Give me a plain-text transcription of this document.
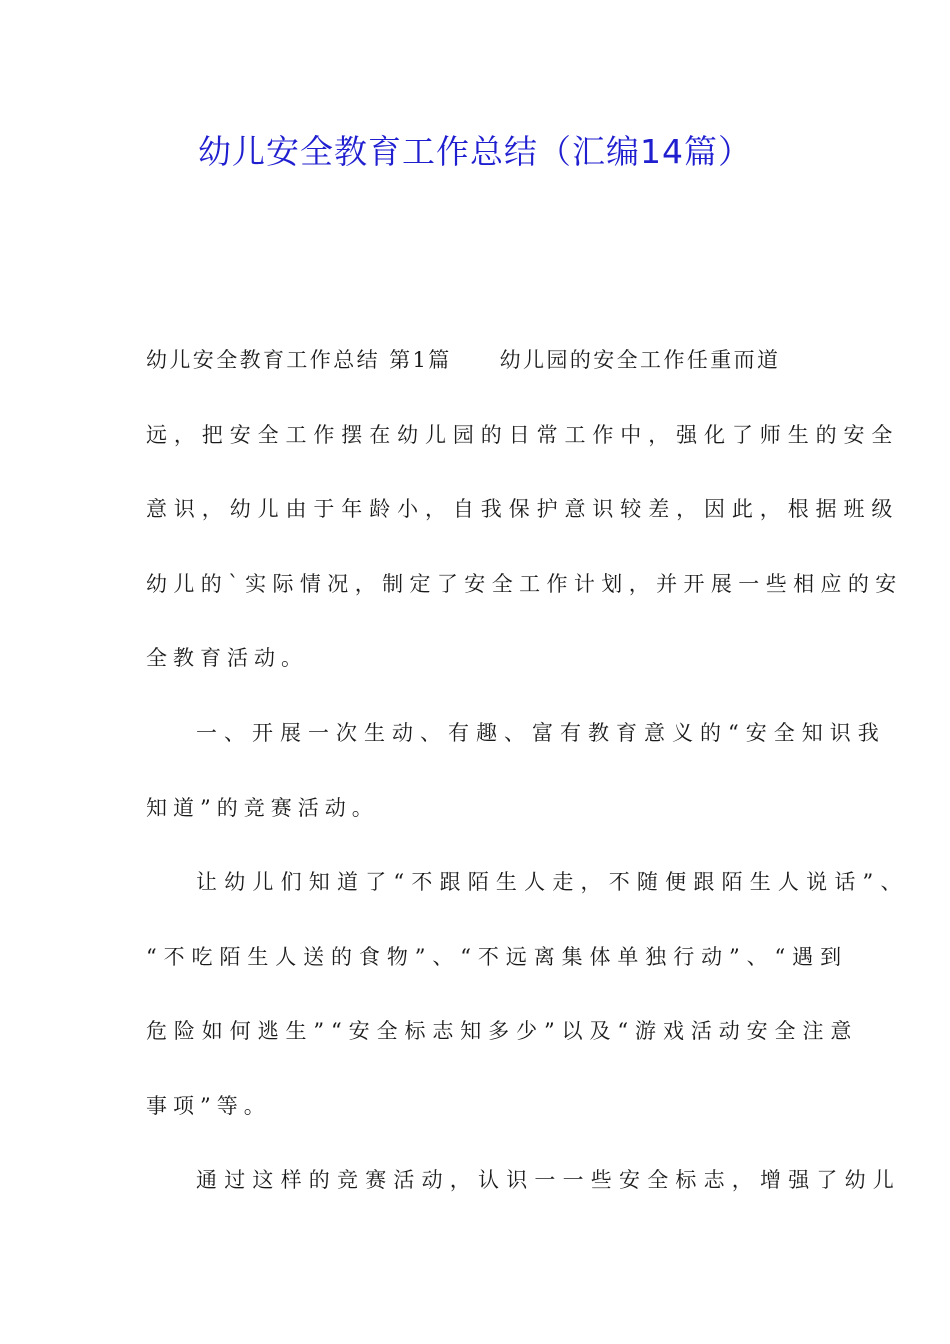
幼儿安全教育工作总结（汇编14篇）
幼儿安全教育工作总结 第1篇 幼儿园的安全工作任重而道
远，把安全工作摆在幼儿园的日常工作中，强化了师生的安全
意识，幼儿由于年龄小，自我保护意识较差，因此，根据班级
幼儿的`实际情况，制定了安全工作计划，并开展一些相应的安
全教育活动。
一、开展一次生动、有趣、富有教育意义的“安全知识我
知道”的竞赛活动。
让幼儿们知道了“不跟陌生人走，不随便跟陌生人说话”、
“不吃陌生人送的食物”、“不远离集体单独行动”、“遇到
危险如何逃生”“安全标志知多少”以及“游戏活动安全注意
事项”等。
通过这样的竞赛活动，认识一一些安全标志，增强了幼儿
